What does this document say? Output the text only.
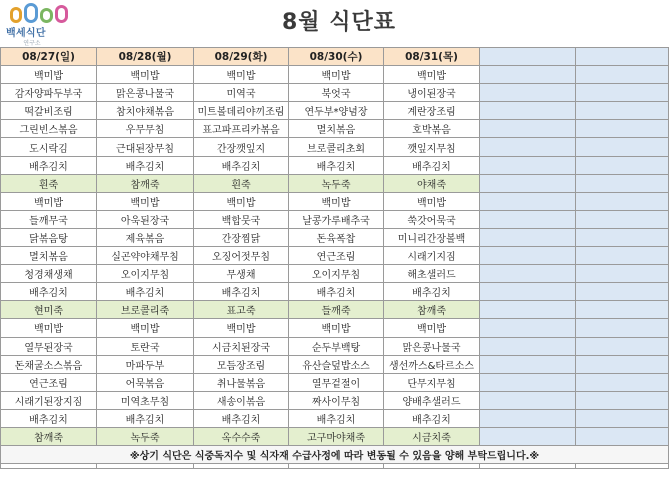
백세식단
연구소
8월 식단표
08/27(일)	08/28(월)	08/29(화)	08/30(수)	08/31(목)		
백미밥	백미밥	백미밥	백미밥	백미밥		
감자양파두부국	맑은콩나물국	미역국	북엇국	냉이된장국		
떡갈비조림	참치야채볶음	미트볼데리야끼조림	연두부*양념장	계란장조림		
그린빈스볶음	우무무침	표고파프리카볶음	멸치볶음	호박볶음		
도시락김	근대된장무침	간장깻잎지	브로콜리초회	깻잎지무침		
배추김치	배추김치	배추김치	배추김치	배추김치		
흰죽	참깨죽	흰죽	녹두죽	야채죽		
백미밥	백미밥	백미밥	백미밥	백미밥		
들깨무국	아욱된장국	백합뭇국	날콩가루배추국	쑥갓어묵국		
닭볶음탕	제육볶음	간장찜닭	돈육폭찹	미니리간장볼백		
멸치볶음	실곤약야채무침	오징어젓무침	연근조림	시래기지짐		
청경채생채	오이지무침	무생채	오이지무침	해초샐러드		
배추김치	배추김치	배추김치	배추김치	배추김치		
현미죽	브로콜리죽	표고죽	들깨죽	참깨죽		
백미밥	백미밥	백미밥	백미밥	백미밥		
열무된장국	토란국	시금치된장국	순두부백탕	맑은콩나물국		
돈채굴소스볶음	마파두부	모듬장조림	유산슬덮밥소스	생선까스&타르소스		
연근조림	어묵볶음	취나물볶음	열무겉절이	단무지무침		
시래기된장지짐	미역초무침	새송이볶음	짜사이무침	양배추샐러드		
배추김치	배추김치	배추김치	배추김치	배추김치		
참깨죽	녹두죽	옥수수죽	고구마야채죽	시금치죽		
※상기 식단은 식중독지수 및 식자재 수급사정에 따라 변동될 수 있음을 양해 부탁드립니다.※						
